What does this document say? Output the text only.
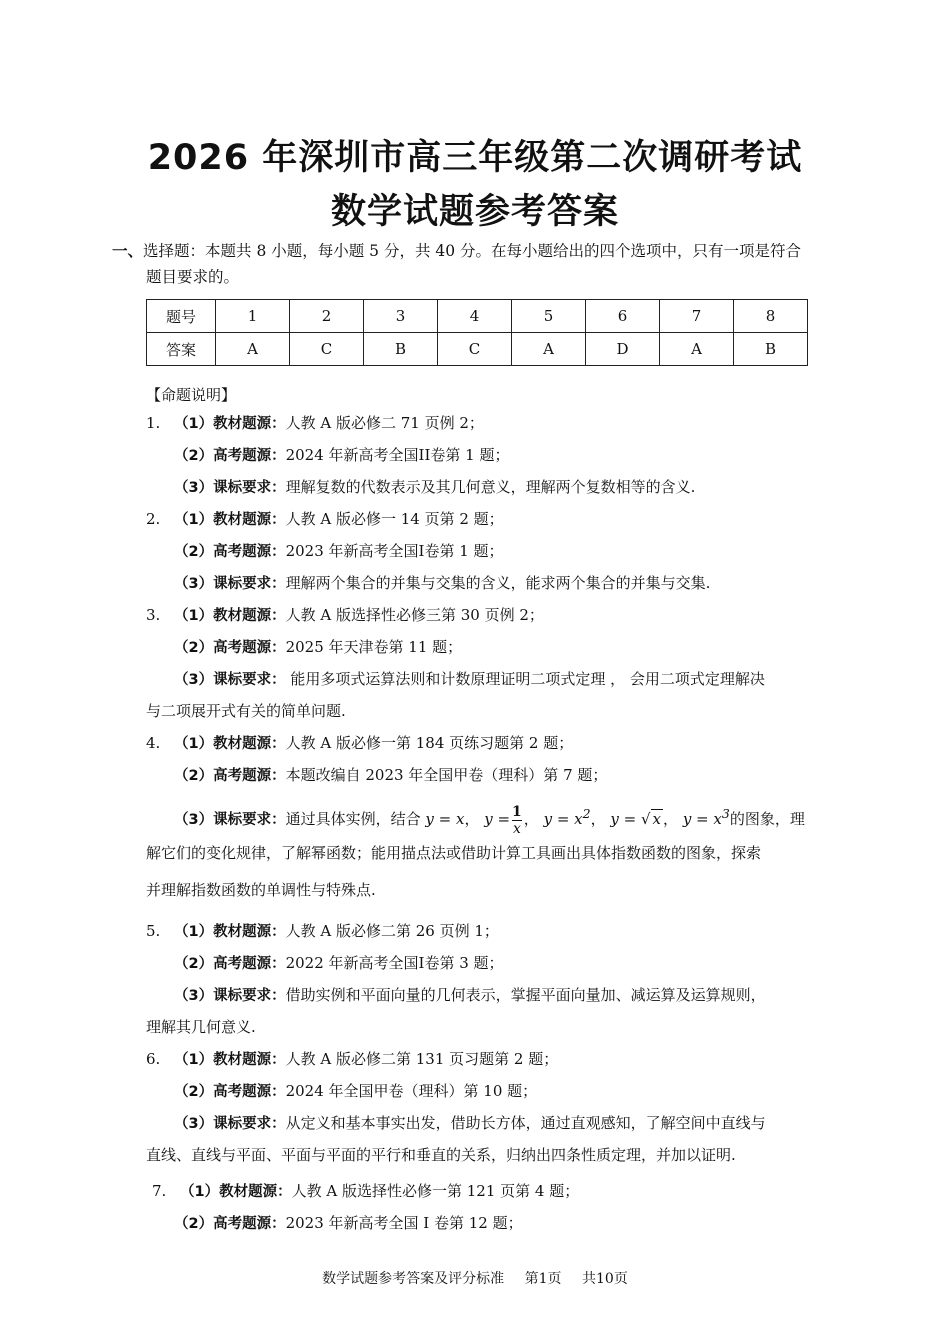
2026 年深圳市高三年级第二次调研考试
数学试题参考答案
一、选择题：本题共 8 小题，每小题 5 分，共 40 分。在每小题给出的四个选项中，只有一项是符合
题目要求的。
题号	1	2	3	4	5	6	7	8
答案	A	C	B	C	A	D	A	B
【命题说明】
1. （1）教材题源：人教 A 版必修二 71 页例 2；
（2）高考题源：2024 年新高考全国II卷第 1 题；
（3）课标要求：理解复数的代数表示及其几何意义，理解两个复数相等的含义.
2. （1）教材题源：人教 A 版必修一 14 页第 2 题；
（2）高考题源：2023 年新高考全国I卷第 1 题；
（3）课标要求：理解两个集合的并集与交集的含义，能求两个集合的并集与交集.
3. （1）教材题源：人教 A 版选择性必修三第 30 页例 2；
（2）高考题源：2025 年天津卷第 11 题；
（3）课标要求： 能用多项式运算法则和计数原理证明二项式定理 ， 会用二项式定理解决
与二项展开式有关的简单问题.
4. （1）教材题源：人教 A 版必修一第 184 页练习题第 2 题；
（2）高考题源：本题改编自 2023 年全国甲卷（理科）第 7 题；
（3）课标要求：通过具体实例，结合 y = x， $y = \frac{1}{x}$ ， $y = x^2$， y = √ x ， $y = x^3$的图象，理
解它们的变化规律，了解幂函数；能用描点法或借助计算工具画出具体指数函数的图象，探索
并理解指数函数的单调性与特殊点.
5. （1）教材题源：人教 A 版必修二第 26 页例 1；
（2）高考题源：2022 年新高考全国I卷第 3 题；
（3）课标要求：借助实例和平面向量的几何表示，掌握平面向量加、减运算及运算规则，
理解其几何意义.
6. （1）教材题源：人教 A 版必修二第 131 页习题第 2 题；
（2）高考题源：2024 年全国甲卷（理科）第 10 题；
（3）课标要求：从定义和基本事实出发，借助长方体，通过直观感知，了解空间中直线与
直线、直线与平面、平面与平面的平行和垂直的关系，归纳出四条性质定理，并加以证明.
7. （1）教材题源：人教 A 版选择性必修一第 121 页第 4 题；
（2）高考题源：2023 年新高考全国 I 卷第 12 题；
数学试题参考答案及评分标准 第1页 共10页
